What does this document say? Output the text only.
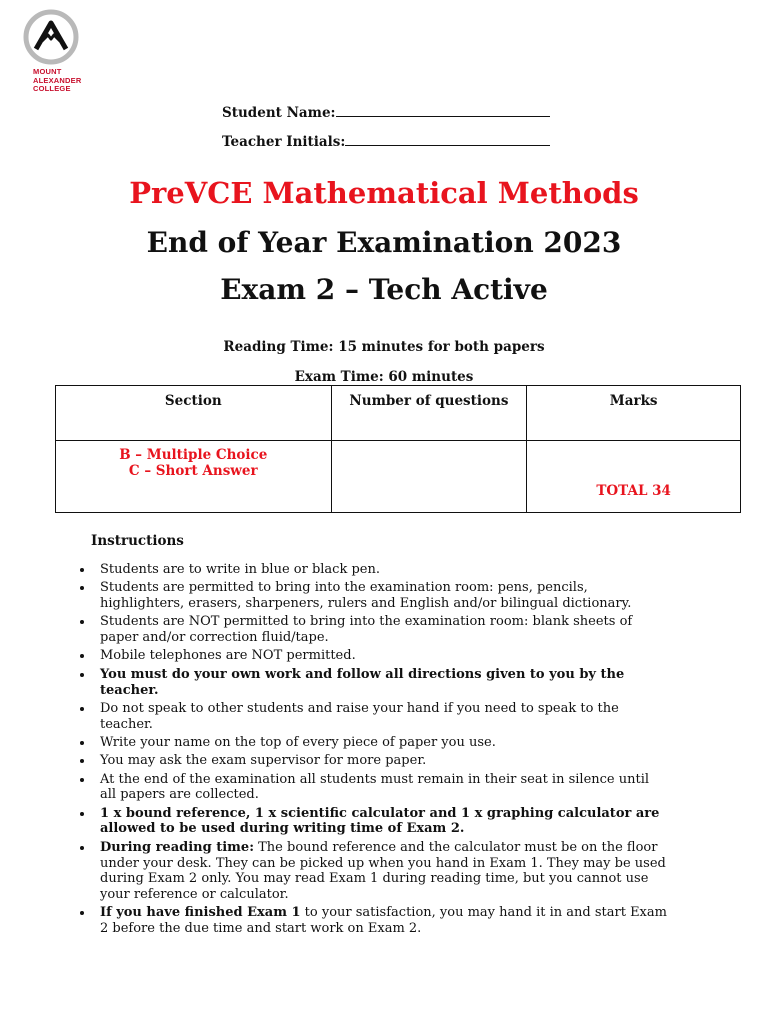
MOUNT
ALEXANDER
COLLEGE
Student Name:
Teacher Initials:
PreVCE Mathematical Methods
End of Year Examination 2023
Exam 2 – Tech Active
Reading Time: 15 minutes for both papers
Exam Time: 60 minutes
Section	Number of questions	Marks

B – Multiple Choice
C – Short Answer		TOTAL 34
Instructions
Students are to write in blue or black pen.
Students are permitted to bring into the examination room: pens, pencils, highlighters, erasers, sharpeners, rulers and English and/or bilingual dictionary.
Students are NOT permitted to bring into the examination room: blank sheets of paper and/or correction fluid/tape.
Mobile telephones are NOT permitted.
You must do your own work and follow all directions given to you by the teacher.
Do not speak to other students and raise your hand if you need to speak to the teacher.
Write your name on the top of every piece of paper you use.
You may ask the exam supervisor for more paper.
At the end of the examination all students must remain in their seat in silence until all papers are collected.
1 x bound reference, 1 x scientific calculator and 1 x graphing calculator are allowed to be used during writing time of Exam 2.
During reading time: The bound reference and the calculator must be on the floor under your desk. They can be picked up when you hand in Exam 1. They may be used during Exam 2 only. You may read Exam 1 during reading time, but you cannot use your reference or calculator.
If you have finished Exam 1 to your satisfaction, you may hand it in and start Exam 2 before the due time and start work on Exam 2.
